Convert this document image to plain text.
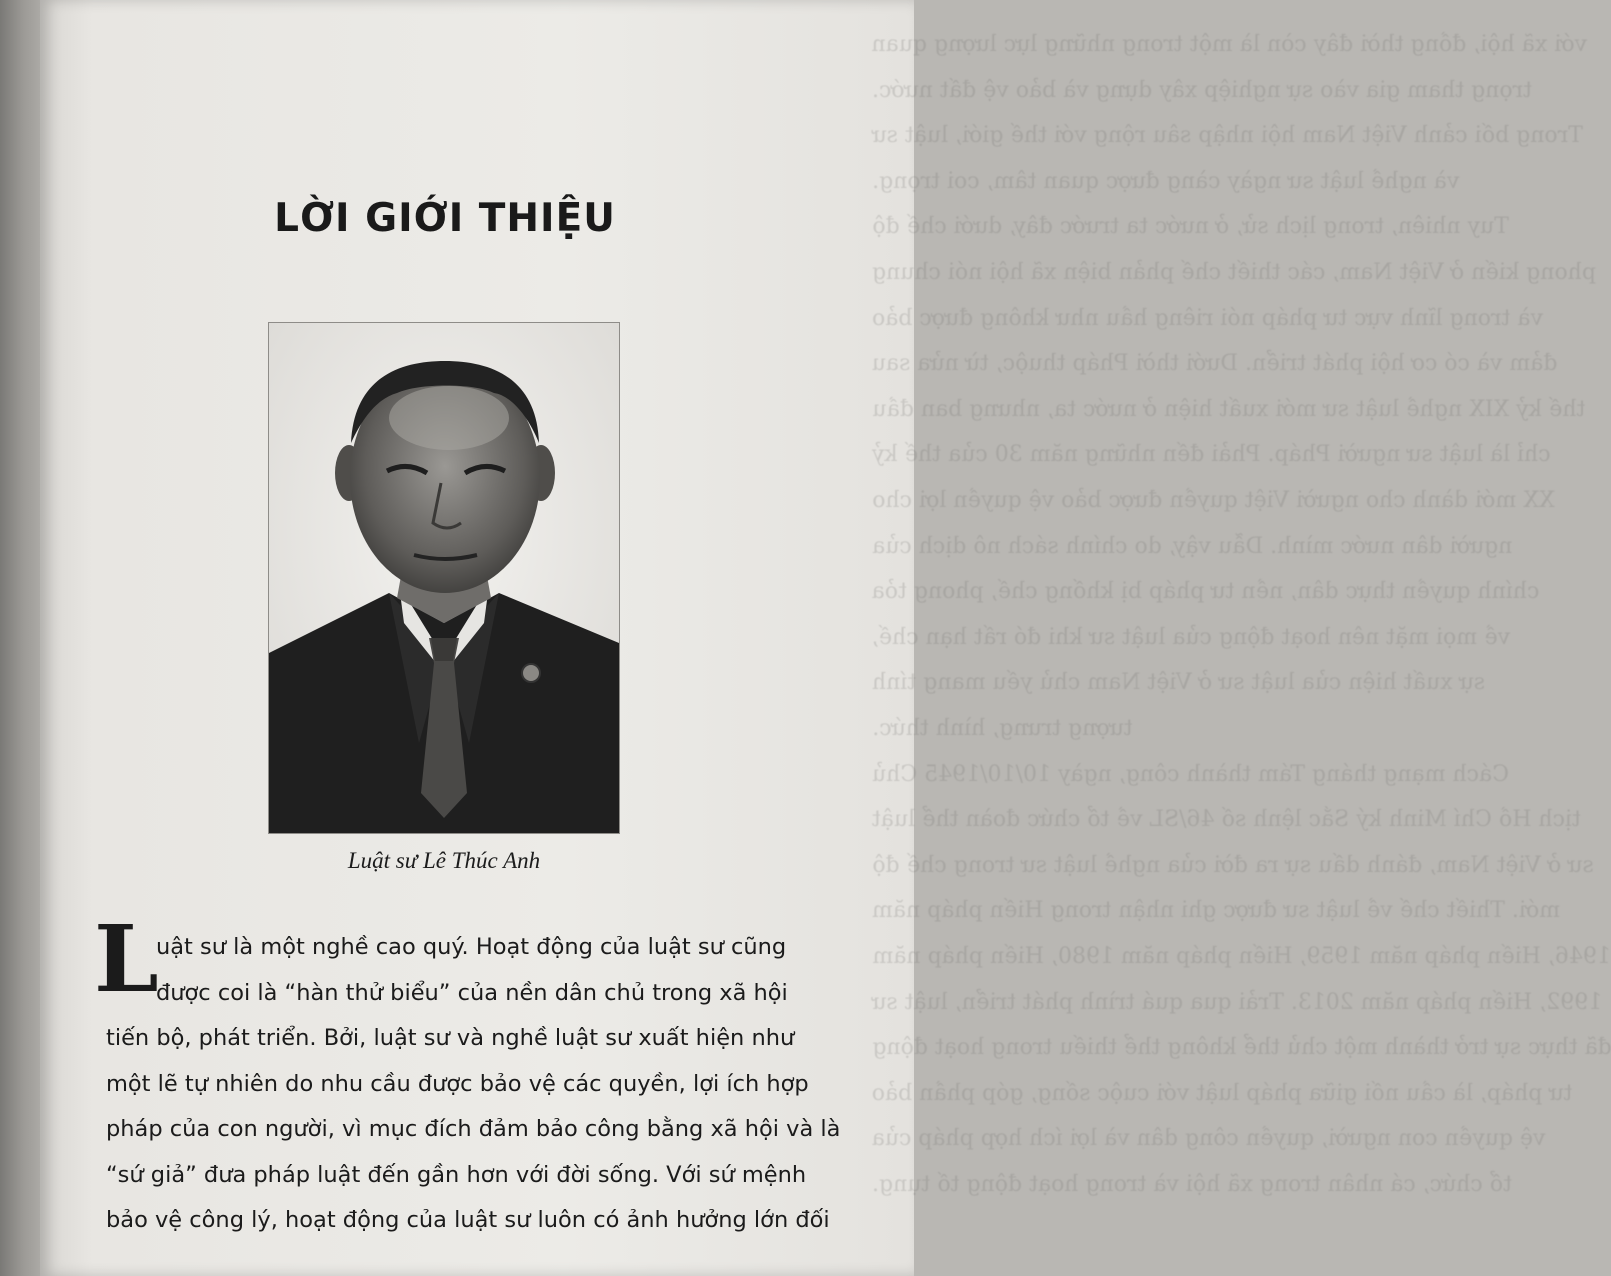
với xã hội, đồng thời đây còn là một trong những lực lượng quan
trọng tham gia vào sự nghiệp xây dựng và bảo vệ đất nước.
Trong bối cảnh Việt Nam hội nhập sâu rộng với thế giới, luật sư
và nghề luật sư ngày càng được quan tâm, coi trọng.
Tuy nhiên, trong lịch sử, ở nước ta trước đây, dưới chế độ
phong kiến ở Việt Nam, các thiết chế phản biện xã hội nói chung
và trong lĩnh vực tư pháp nói riêng hầu như không được bảo
đảm và có cơ hội phát triển. Dưới thời Pháp thuộc, từ nửa sau
thế kỷ XIX nghề luật sư mới xuất hiện ở nước ta, nhưng ban đầu
chỉ là luật sư người Pháp. Phải đến những năm 30 của thế kỷ
XX mới dành cho người Việt quyền được bảo vệ quyền lợi cho
người dân nước mình. Dẫu vậy, do chính sách nô dịch của
chính quyền thực dân, nền tư pháp bị khống chế, phong tỏa
về mọi mặt nên hoạt động của luật sư khi đó rất hạn chế,
sự xuất hiện của luật sư ở Việt Nam chủ yếu mang tính
tượng trưng, hình thức.
Cách mạng tháng Tám thành công, ngày 10/10/1945 Chủ
tịch Hồ Chí Minh ký Sắc lệnh số 46/SL về tổ chức đoàn thể luật
sư ở Việt Nam, đánh dấu sự ra đời của nghề luật sư trong chế độ
mới. Thiết chế về luật sư được ghi nhận trong Hiến pháp năm
1946, Hiến pháp năm 1959, Hiến pháp năm 1980, Hiến pháp năm
1992, Hiến pháp năm 2013. Trải qua quá trình phát triển, luật sư
đã thực sự trở thành một chủ thể không thể thiếu trong hoạt động
tư pháp, là cầu nối giữa pháp luật với cuộc sống, góp phần bảo
vệ quyền con người, quyền công dân và lợi ích hợp pháp của
tổ chức, cá nhân trong xã hội và trong hoạt động tố tụng.
LỜI GIỚI THIỆU
Luật sư Lê Thúc Anh
L
uật sư là một nghề cao quý. Hoạt động của luật sư cũng
được coi là “hàn thử biểu” của nền dân chủ trong xã hội
tiến bộ, phát triển. Bởi, luật sư và nghề luật sư xuất hiện như
một lẽ tự nhiên do nhu cầu được bảo vệ các quyền, lợi ích hợp
pháp của con người, vì mục đích đảm bảo công bằng xã hội và là
“sứ giả” đưa pháp luật đến gần hơn với đời sống. Với sứ mệnh
bảo vệ công lý, hoạt động của luật sư luôn có ảnh hưởng lớn đối
